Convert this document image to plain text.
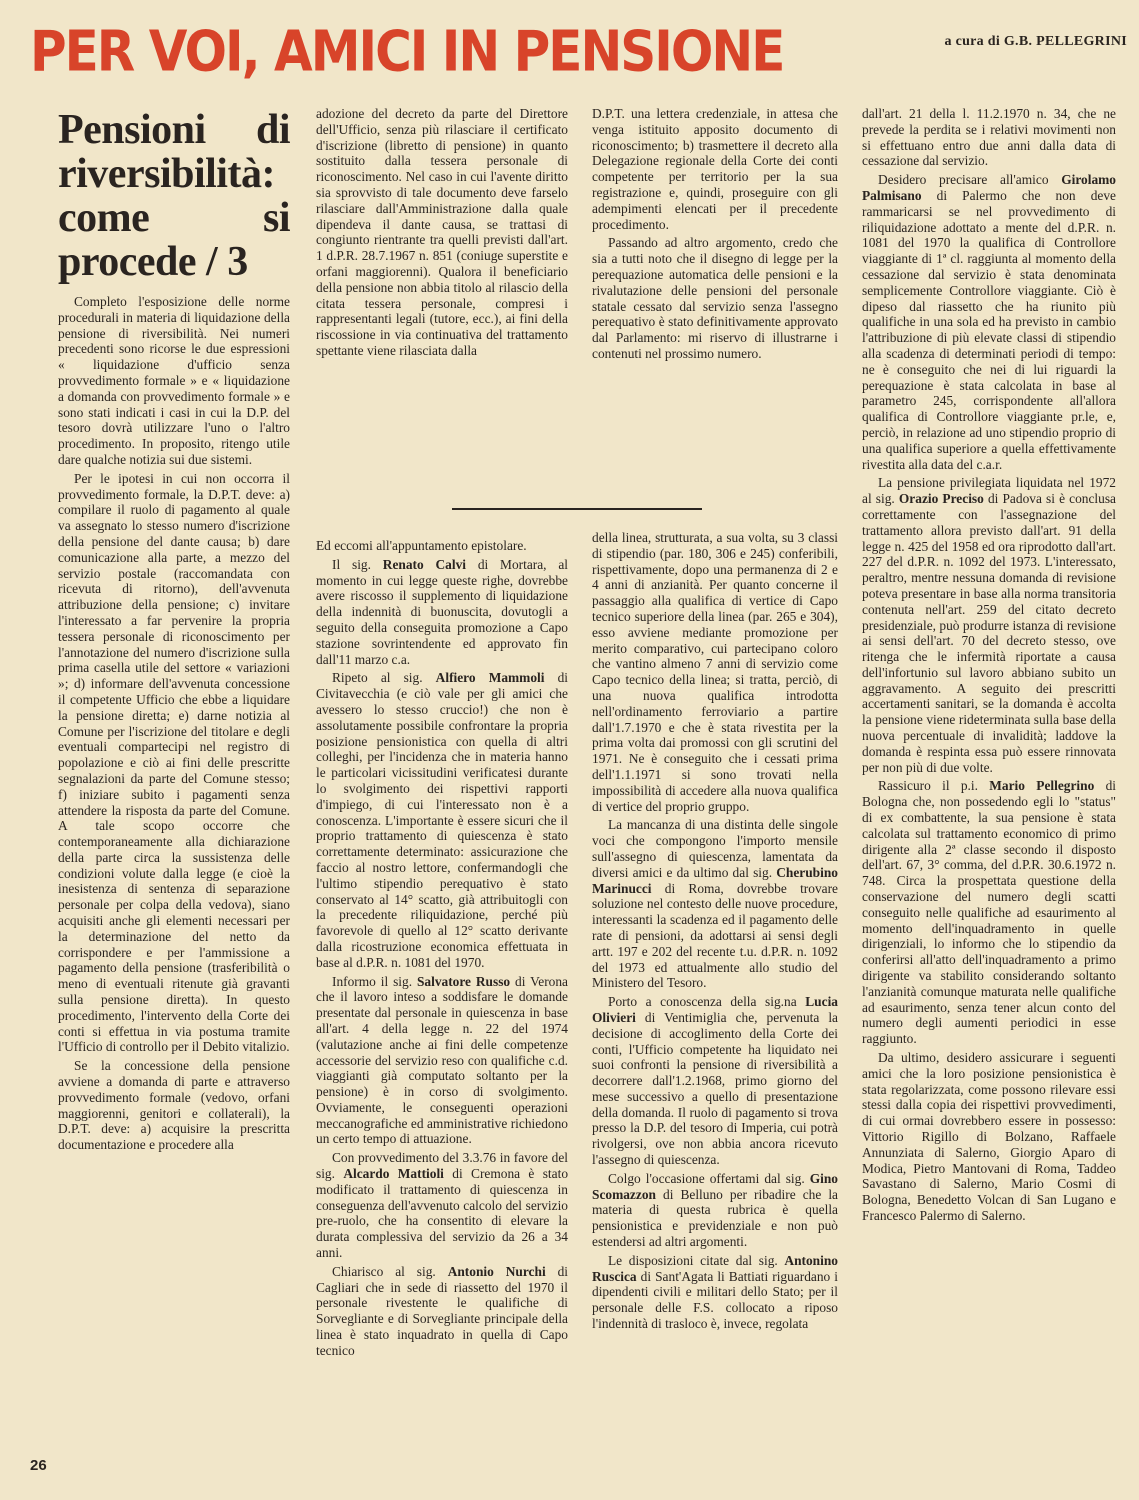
PER VOI, AMICI IN PENSIONE	a cura di G.B. PELLEGRINI
Pensioni di riversibilità: come si procede / 3

Completo l'esposizione delle norme procedurali in materia di liquidazione della pensione di riversibilità. Nei numeri precedenti sono ricorse le due espressioni « liquidazione d'ufficio senza provvedimento formale » e « liquidazione a domanda con provvedimento formale » e sono stati indicati i casi in cui la D.P. del tesoro dovrà utilizzare l'uno o l'altro procedimento. In proposito, ritengo utile dare qualche notizia sui due sistemi.

Per le ipotesi in cui non occorra il provvedimento formale, la D.P.T. deve: a) compilare il ruolo di pagamento al quale va assegnato lo stesso numero d'iscrizione della pensione del dante causa; b) dare comunicazione alla parte, a mezzo del servizio postale (raccomandata con ricevuta di ritorno), dell'avvenuta attribuzione della pensione; c) invitare l'interessato a far pervenire la propria tessera personale di riconoscimento per l'annotazione del numero d'iscrizione sulla prima casella utile del settore « variazioni »; d) informare dell'avvenuta concessione il competente Ufficio che ebbe a liquidare la pensione diretta; e) darne notizia al Comune per l'iscrizione del titolare e degli eventuali compartecipi nel registro di popolazione e ciò ai fini delle prescritte segnalazioni da parte del Comune stesso; f) iniziare subito i pagamenti senza attendere la risposta da parte del Comune. A tale scopo occorre che contemporaneamente alla dichiarazione della parte circa la sussistenza delle condizioni volute dalla legge (e cioè la inesistenza di sentenza di separazione personale per colpa della vedova), siano acquisiti anche gli elementi necessari per la determinazione del netto da corrispondere e per l'ammissione a pagamento della pensione (trasferibilità o meno di eventuali ritenute già gravanti sulla pensione diretta). In questo procedimento, l'intervento della Corte dei conti si effettua in via postuma tramite l'Ufficio di controllo per il Debito vitalizio.

Se la concessione della pensione avviene a domanda di parte e attraverso provvedimento formale (vedovo, orfani maggiorenni, genitori e collaterali), la D.P.T. deve: a) acquisire la prescritta documentazione e procedere alla

adozione del decreto da parte del Direttore dell'Ufficio, senza più rilasciare il certificato d'iscrizione (libretto di pensione) in quanto sostituito dalla tessera personale di riconoscimento. Nel caso in cui l'avente diritto sia sprovvisto di tale documento deve farselo rilasciare dall'Amministrazione dalla quale dipendeva il dante causa, se trattasi di congiunto rientrante tra quelli previsti dall'art. 1 d.P.R. 28.7.1967 n. 851 (coniuge superstite e orfani maggiorenni). Qualora il beneficiario della pensione non abbia titolo al rilascio della citata tessera personale, compresi i rappresentanti legali (tutore, ecc.), ai fini della riscossione in via continuativa del trattamento spettante viene rilasciata dalla

D.P.T. una lettera credenziale, in attesa che venga istituito apposito documento di riconoscimento; b) trasmettere il decreto alla Delegazione regionale della Corte dei conti competente per territorio per la sua registrazione e, quindi, proseguire con gli adempimenti elencati per il precedente procedimento.

Passando ad altro argomento, credo che sia a tutti noto che il disegno di legge per la perequazione automatica delle pensioni e la rivalutazione delle pensioni del personale statale cessato dal servizio senza l'assegno perequativo è stato definitivamente approvato dal Parlamento: mi riservo di illustrarne i contenuti nel prossimo numero.

Ed eccomi all'appuntamento epistolare.

Il sig. Renato Calvi di Mortara, al momento in cui legge queste righe, dovrebbe avere riscosso il supplemento di liquidazione della indennità di buonuscita, dovutogli a seguito della conseguita promozione a Capo stazione sovrintendente ed approvato fin dall'11 marzo c.a.

Ripeto al sig. Alfiero Mammoli di Civitavecchia (e ciò vale per gli amici che avessero lo stesso cruccio!) che non è assolutamente possibile confrontare la propria posizione pensionistica con quella di altri colleghi, per l'incidenza che in materia hanno le particolari vicissitudini verificatesi durante lo svolgimento dei rispettivi rapporti d'impiego, di cui l'interessato non è a conoscenza. L'importante è essere sicuri che il proprio trattamento di quiescenza è stato correttamente determinato: assicurazione che faccio al nostro lettore, confermandogli che l'ultimo stipendio perequativo è stato conservato al 14° scatto, già attribuitogli con la precedente riliquidazione, perché più favorevole di quello al 12° scatto derivante dalla ricostruzione economica effettuata in base al d.P.R. n. 1081 del 1970.

Informo il sig. Salvatore Russo di Verona che il lavoro inteso a soddisfare le domande presentate dal personale in quiescenza in base all'art. 4 della legge n. 22 del 1974 (valutazione anche ai fini delle competenze accessorie del servizio reso con qualifiche c.d. viaggianti già computato soltanto per la pensione) è in corso di svolgimento. Ovviamente, le conseguenti operazioni meccanografiche ed amministrative richiedono un certo tempo di attuazione.

Con provvedimento del 3.3.76 in favore del sig. Alcardo Mattioli di Cremona è stato modificato il trattamento di quiescenza in conseguenza dell'avvenuto calcolo del servizio pre-ruolo, che ha consentito di elevare la durata complessiva del servizio da 26 a 34 anni.

Chiarisco al sig. Antonio Nurchi di Cagliari che in sede di riassetto del 1970 il personale rivestente le qualifiche di Sorvegliante e di Sorvegliante principale della linea è stato inquadrato in quella di Capo tecnico

della linea, strutturata, a sua volta, su 3 classi di stipendio (par. 180, 306 e 245) conferibili, rispettivamente, dopo una permanenza di 2 e 4 anni di anzianità. Per quanto concerne il passaggio alla qualifica di vertice di Capo tecnico superiore della linea (par. 265 e 304), esso avviene mediante promozione per merito comparativo, cui partecipano coloro che vantino almeno 7 anni di servizio come Capo tecnico della linea; si tratta, perciò, di una nuova qualifica introdotta nell'ordinamento ferroviario a partire dall'1.7.1970 e che è stata rivestita per la prima volta dai promossi con gli scrutini del 1971. Ne è conseguito che i cessati prima dell'1.1.1971 si sono trovati nella impossibilità di accedere alla nuova qualifica di vertice del proprio gruppo.

La mancanza di una distinta delle singole voci che compongono l'importo mensile sull'assegno di quiescenza, lamentata da diversi amici e da ultimo dal sig. Cherubino Marinucci di Roma, dovrebbe trovare soluzione nel contesto delle nuove procedure, interessanti la scadenza ed il pagamento delle rate di pensioni, da adottarsi ai sensi degli artt. 197 e 202 del recente t.u. d.P.R. n. 1092 del 1973 ed attualmente allo studio del Ministero del Tesoro.

Porto a conoscenza della sig.na Lucia Olivieri di Ventimiglia che, pervenuta la decisione di accoglimento della Corte dei conti, l'Ufficio competente ha liquidato nei suoi confronti la pensione di riversibilità a decorrere dall'1.2.1968, primo giorno del mese successivo a quello di presentazione della domanda. Il ruolo di pagamento si trova presso la D.P. del tesoro di Imperia, cui potrà rivolgersi, ove non abbia ancora ricevuto l'assegno di quiescenza.

Colgo l'occasione offertami dal sig. Gino Scomazzon di Belluno per ribadire che la materia di questa rubrica è quella pensionistica e previdenziale e non può estendersi ad altri argomenti.

Le disposizioni citate dal sig. Antonino Ruscica di Sant'Agata li Battiati riguardano i dipendenti civili e militari dello Stato; per il personale delle F.S. collocato a riposo l'indennità di trasloco è, invece, regolata

dall'art. 21 della l. 11.2.1970 n. 34, che ne prevede la perdita se i relativi movimenti non si effettuano entro due anni dalla data di cessazione dal servizio.

Desidero precisare all'amico Girolamo Palmisano di Palermo che non deve rammaricarsi se nel provvedimento di riliquidazione adottato a mente del d.P.R. n. 1081 del 1970 la qualifica di Controllore viaggiante di 1ª cl. raggiunta al momento della cessazione dal servizio è stata denominata semplicemente Controllore viaggiante. Ciò è dipeso dal riassetto che ha riunito più qualifiche in una sola ed ha previsto in cambio l'attribuzione di più elevate classi di stipendio alla scadenza di determinati periodi di tempo: ne è conseguito che nei di lui riguardi la perequazione è stata calcolata in base al parametro 245, corrispondente all'allora qualifica di Controllore viaggiante pr.le, e, perciò, in relazione ad uno stipendio proprio di una qualifica superiore a quella effettivamente rivestita alla data del c.a.r.

La pensione privilegiata liquidata nel 1972 al sig. Orazio Preciso di Padova si è conclusa correttamente con l'assegnazione del trattamento allora previsto dall'art. 91 della legge n. 425 del 1958 ed ora riprodotto dall'art. 227 del d.P.R. n. 1092 del 1973. L'interessato, peraltro, mentre nessuna domanda di revisione poteva presentare in base alla norma transitoria contenuta nell'art. 259 del citato decreto presidenziale, può produrre istanza di revisione ai sensi dell'art. 70 del decreto stesso, ove ritenga che le infermità riportate a causa dell'infortunio sul lavoro abbiano subito un aggravamento. A seguito dei prescritti accertamenti sanitari, se la domanda è accolta la pensione viene rideterminata sulla base della nuova percentuale di invalidità; laddove la domanda è respinta essa può essere rinnovata per non più di due volte.

Rassicuro il p.i. Mario Pellegrino di Bologna che, non possedendo egli lo "status" di ex combattente, la sua pensione è stata calcolata sul trattamento economico di primo dirigente alla 2ª classe secondo il disposto dell'art. 67, 3° comma, del d.P.R. 30.6.1972 n. 748. Circa la prospettata questione della conservazione del numero degli scatti conseguito nelle qualifiche ad esaurimento al momento dell'inquadramento in quelle dirigenziali, lo informo che lo stipendio da conferirsi all'atto dell'inquadramento a primo dirigente va stabilito considerando soltanto l'anzianità comunque maturata nelle qualifiche ad esaurimento, senza tener alcun conto del numero degli aumenti periodici in esse raggiunto.

Da ultimo, desidero assicurare i seguenti amici che la loro posizione pensionistica è stata regolarizzata, come possono rilevare essi stessi dalla copia dei rispettivi provvedimenti, di cui ormai dovrebbero essere in possesso: Vittorio Rigillo di Bolzano, Raffaele Annunziata di Salerno, Giorgio Aparo di Modica, Pietro Mantovani di Roma, Taddeo Savastano di Salerno, Mario Cosmi di Bologna, Benedetto Volcan di San Lugano e Francesco Palermo di Salerno.

26
